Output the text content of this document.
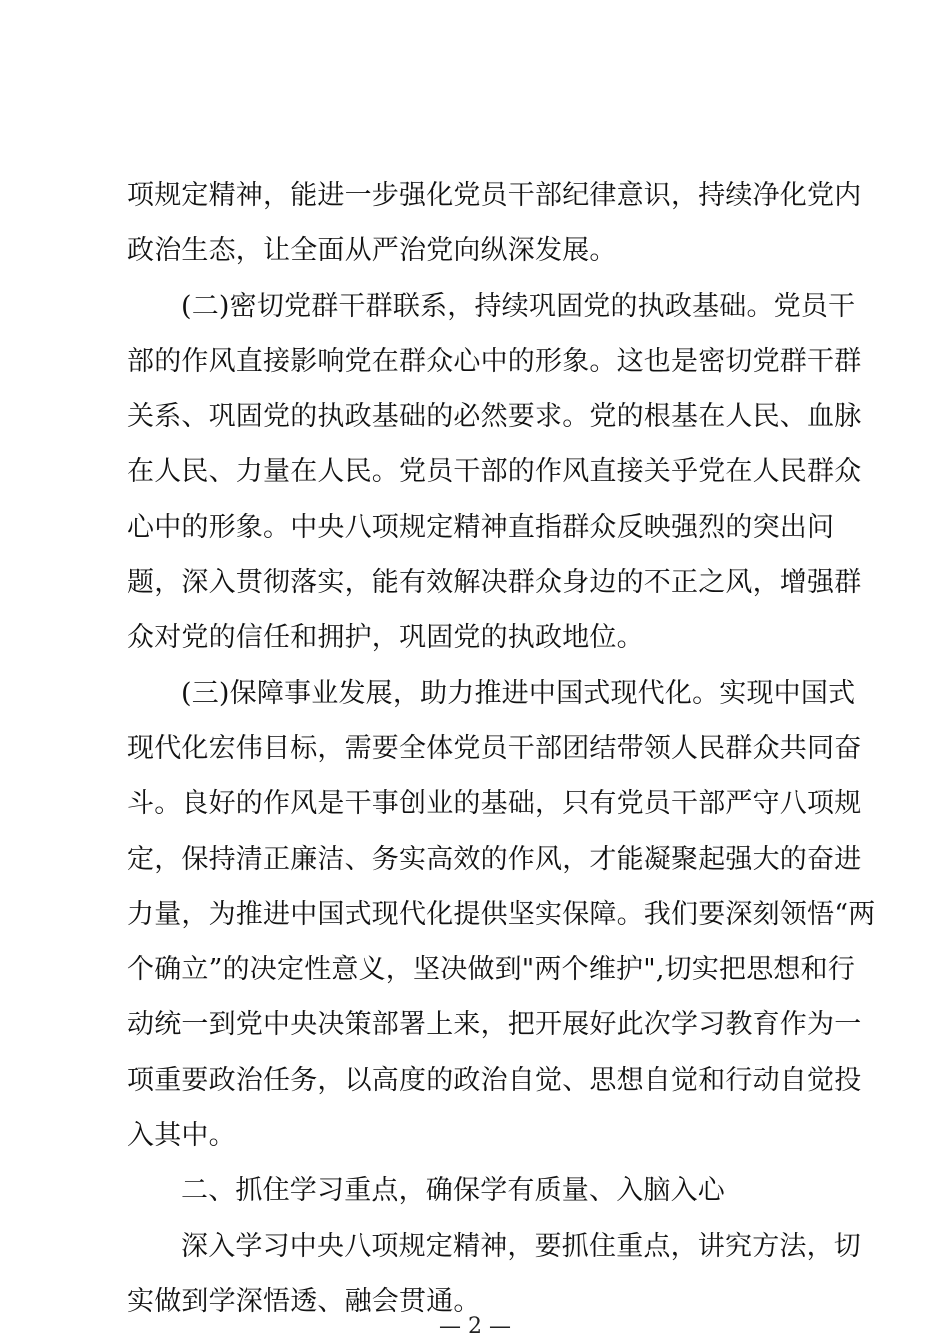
项规定精神，能进一步强化党员干部纪律意识，持续净化党内
政治生态，让全面从严治党向纵深发展。
(二)密切党群干群联系，持续巩固党的执政基础。党员干
部的作风直接影响党在群众心中的形象。这也是密切党群干群
关系、巩固党的执政基础的必然要求。党的根基在人民、血脉
在人民、力量在人民。党员干部的作风直接关乎党在人民群众
心中的形象。中央八项规定精神直指群众反映强烈的突出问
题，深入贯彻落实，能有效解决群众身边的不正之风，增强群
众对党的信任和拥护，巩固党的执政地位。
(三)保障事业发展，助力推进中国式现代化。实现中国式
现代化宏伟目标，需要全体党员干部团结带领人民群众共同奋
斗。良好的作风是干事创业的基础，只有党员干部严守八项规
定，保持清正廉洁、务实高效的作风，才能凝聚起强大的奋进
力量，为推进中国式现代化提供坚实保障。我们要深刻领悟“两
个确立”的决定性意义，坚决做到"两个维护",切实把思想和行
动统一到党中央决策部署上来，把开展好此次学习教育作为一
项重要政治任务，以高度的政治自觉、思想自觉和行动自觉投
入其中。
二、抓住学习重点，确保学有质量、入脑入心
深入学习中央八项规定精神，要抓住重点，讲究方法，切
实做到学深悟透、融会贯通。
— 2 —
